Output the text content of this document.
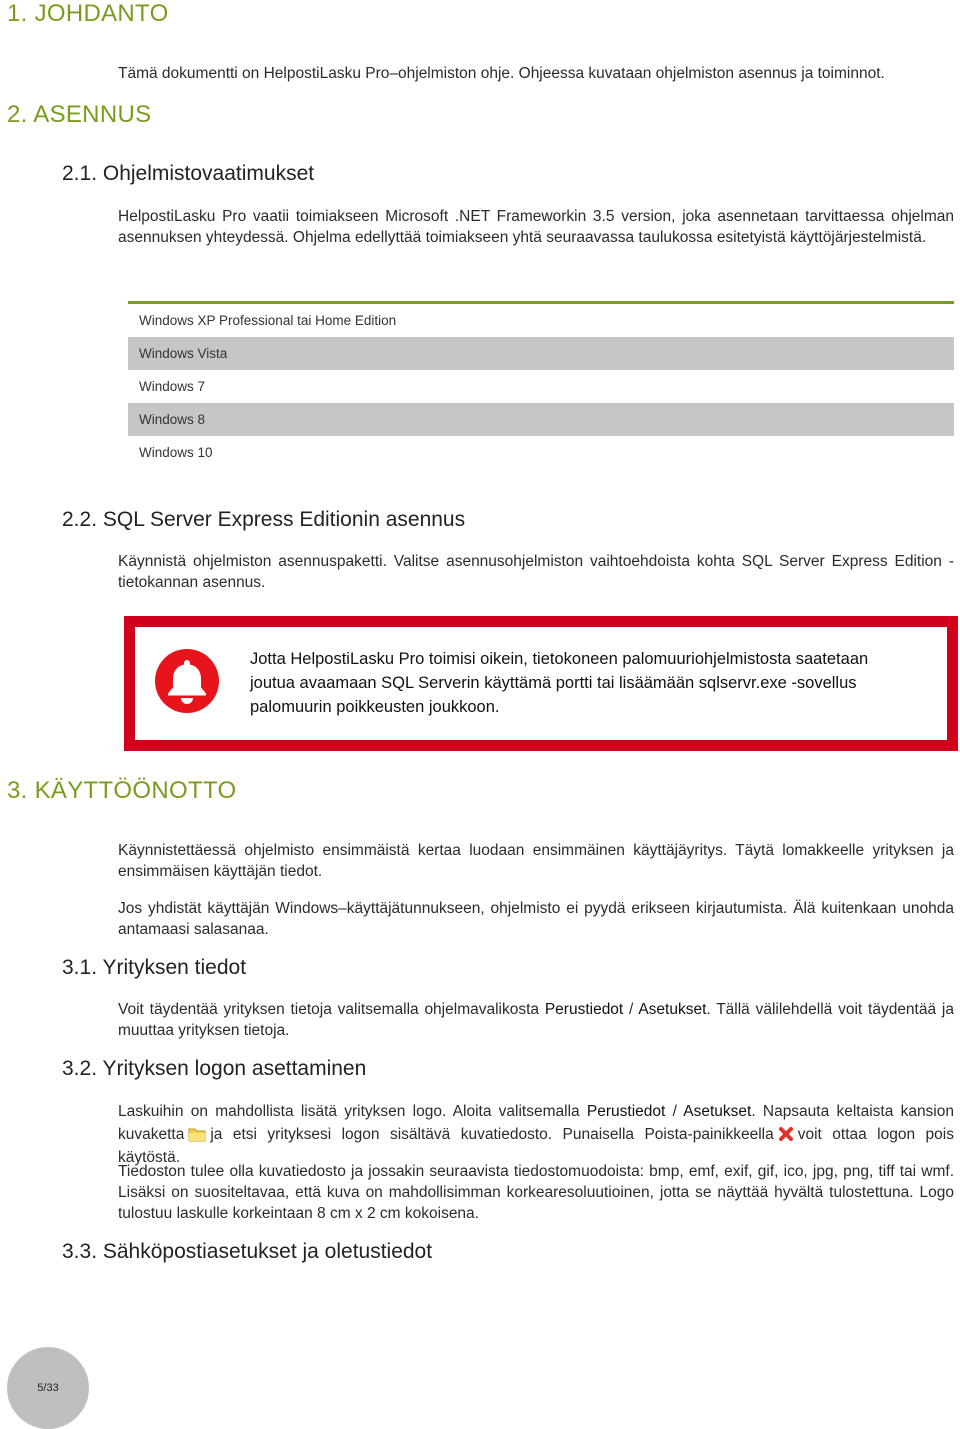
1. JOHDANTO

Tämä dokumentti on HelpostiLasku Pro–ohjelmiston ohje. Ohjeessa kuvataan ohjelmiston asennus ja toiminnot.

2. ASENNUS
2.1. Ohjelmistovaatimukset

HelpostiLasku Pro vaatii toimiakseen Microsoft .NET Frameworkin 3.5 version, joka asennetaan tarvittaessa ohjelman asennuksen yhteydessä. Ohjelma edellyttää toimiakseen yhtä seuraavassa taulukossa esitetyistä käyttöjärjestelmistä.

Windows XP Professional tai Home Edition
Windows Vista
Windows 7
Windows 8
Windows 10
2.2. SQL Server Express Editionin asennus

Käynnistä ohjelmiston asennuspaketti. Valitse asennusohjelmiston vaihtoehdoista kohta SQL Server Express Edition - tietokannan asennus.

Jotta HelpostiLasku Pro toimisi oikein, tietokoneen palomuuriohjelmistosta saatetaan joutua avaamaan SQL Serverin käyttämä portti tai lisäämään sqlservr.exe -sovellus palomuurin poikkeusten joukkoon.
3. KÄYTTÖÖNOTTO

Käynnistettäessä ohjelmisto ensimmäistä kertaa luodaan ensimmäinen käyttäjäyritys. Täytä lomakkeelle yrityksen ja ensimmäisen käyttäjän tiedot.

Jos yhdistät käyttäjän Windows–käyttäjätunnukseen, ohjelmisto ei pyydä erikseen kirjautumista. Älä kuitenkaan unohda antamaasi salasanaa.

3.1. Yrityksen tiedot

Voit täydentää yrityksen tietoja valitsemalla ohjelmavalikosta Perustiedot / Asetukset. Tällä välilehdellä voit täydentää ja muuttaa yrityksen tietoja.

3.2. Yrityksen logon asettaminen

Laskuihin on mahdollista lisätä yrityksen logo. Aloita valitsemalla Perustiedot / Asetukset. Napsauta keltaista kansion kuvaketta ja etsi yrityksesi logon sisältävä kuvatiedosto. Punaisella Poista-painikkeella voit ottaa logon pois käytöstä.

Tiedoston tulee olla kuvatiedosto ja jossakin seuraavista tiedostomuodoista: bmp, emf, exif, gif, ico, jpg, png, tiff tai wmf. Lisäksi on suositeltavaa, että kuva on mahdollisimman korkearesoluutioinen, jotta se näyttää hyvältä tulostettuna. Logo tulostuu laskulle korkeintaan 8 cm x 2 cm kokoisena.

3.3. Sähköpostiasetukset ja oletustiedot
5/33
